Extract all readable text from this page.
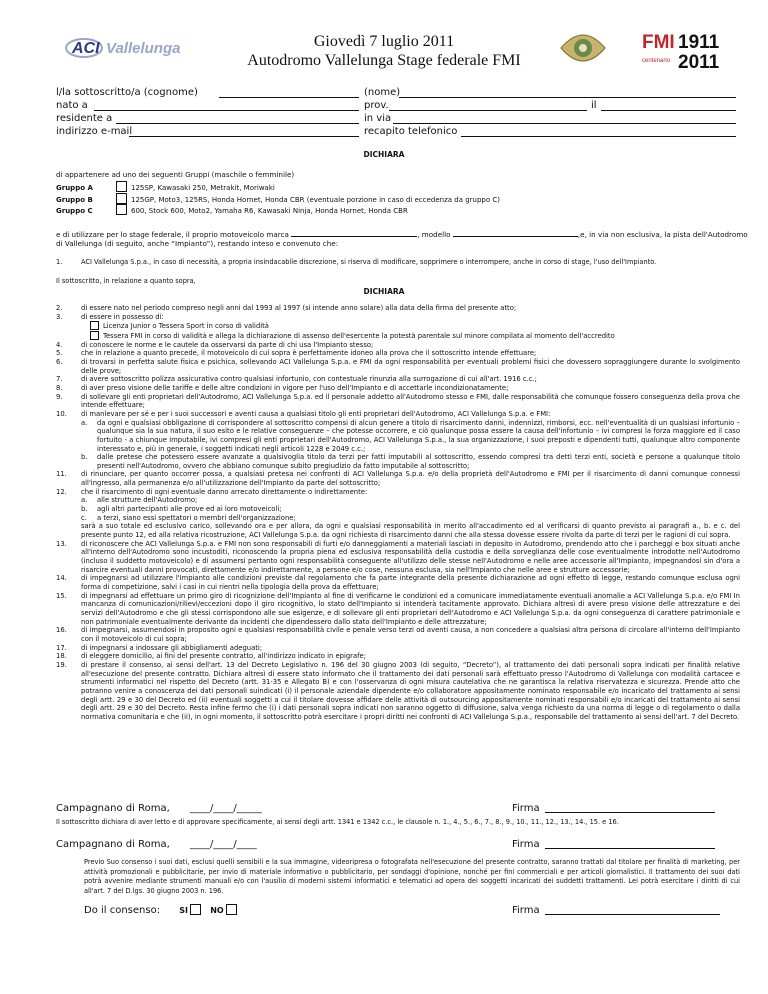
ACI Vallelunga	Giovedì 7 luglio 2011
Autodromo Vallelunga Stage federale FMI
FMI 1911
2011
centenario
l/la sottoscritto/a (cognome)	(nome)
nato a	prov.	il
residente a	in via
indirizzo e-mail	recapito telefonico
DICHIARA
di appartenere ad uno dei seguenti Gruppi (maschile o femminile)
Gruppo A	125SP, Kawasaki 250, Metrakit, Moriwaki
Gruppo B	125GP, Moto3, 125RS, Honda Hornet, Honda CBR (eventuale porzione in caso di eccedenza da gruppo C)
Gruppo C	600, Stock 600, Moto2, Yamaha R6, Kawasaki Ninja, Honda Hornet, Honda CBR
e di utilizzare per lo stage federale, il proprio motoveicolo marca	, modello	,e, in via non esclusiva, la pista dell'Autodromo
di Vallelunga (di seguito, anche “Impianto”), restando inteso e convenuto che:
1.	ACI Vallelunga S.p.a., in caso di necessità, a propria insindacabile discrezione, si riserva di modificare, sopprimere o interrompere, anche in corso di stage, l'uso dell'Impianto.
Il sottoscritto, in relazione a quanto sopra,
DICHIARA
2.	di essere nato nel periodo compreso negli anni dal 1993 al 1997 (si intende anno solare) alla data della firma del presente atto;
3.	di essere in possesso di:
Licenza Junior o Tessera Sport in corso di validità
Tessera FMI in corso di validità e allega la dichiarazione di assenso dell'esercente la potestà parentale sul minore compilata al momento dell'accredito
4.	di conoscere le norme e le cautele da osservarsi da parte di chi usa l'Impianto stesso;
5.	che in relazione a quanto precede, il motoveicolo di cui sopra è perfettamente idoneo alla prova che il sottoscritto intende effettuare;
6.	di trovarsi in perfetta salute fisica e psichica, sollevando ACI Vallelunga S.p.a. e FMI da ogni responsabilità per eventuali problemi fisici che dovessero sopraggiungere durante lo svolgimento delle prove;
7.	di avere sottoscritto polizza assicurativa contro qualsiasi infortunio, con contestuale rinunzia alla surrogazione di cui all'art. 1916 c.c.;
8.	di aver preso visione delle tariffe e delle altre condizioni in vigore per l'uso dell'Impianto e di accettarle incondizionatamente;
9.	di sollevare gli enti proprietari dell'Autodromo, ACI Vallelunga S.p.a. ed il personale addetto all'Autodromo stesso e FMI, dalle responsabilità che comunque fossero conseguenza della prova che intende effettuare;
10. di manlevare per sé e per i suoi successori e aventi causa a qualsiasi titolo gli enti proprietari dell'Autodromo, ACI Vallelunga S.p.a. e FMI:
a. da ogni e qualsiasi obbligazione di corrispondere al sottoscritto compensi di alcun genere a titolo di risarcimento danni, indennizzi, rimborsi, ecc. nell'eventualità di un qualsiasi infortunio – qualunque sia la sua natura, il suo esito e le relative conseguenze – che potesse occorrere, e ciò qualunque possa essere la causa dell'infortunio – ivi compresi la forza maggiore ed il caso fortuito - a chiunque imputabile, ivi compresi gli enti proprietari dell'Autodromo, ACI Vallelunga S.p.a., la sua organizzazione, i suoi preposti e dipendenti tutti, qualunque altro componente interessato e, più in generale, i soggetti indicati negli articoli 1228 e 2049 c.c.;
b. dalle pretese che potessero essere avanzate a qualsivoglia titolo da terzi per fatti imputabili al sottoscritto, essendo compresi tra detti terzi enti, società e persone a qualunque titolo presenti nell'Autodromo, ovvero che abbiano comunque subito pregiudizio da fatto imputabile al sottoscritto;
11. di rinunciare, per quanto occorrer possa, a qualsiasi pretesa nei confronti di ACI Vallelunga S.p.a. e/o della proprietà dell'Autodromo e FMI per il risarcimento di danni comunque connessi all'ingresso, alla permanenza e/o all'utilizzazione dell'Impianto da parte del sottoscritto;
12. che il risarcimento di ogni eventuale danno arrecato direttamente o indirettamente:
a. alle strutture dell'Autodromo;
b. agli altri partecipanti alle prove ed ai loro motoveicoli;
c. a terzi, siano essi spettatori o membri dell'organizzazione;
sarà a suo totale ed esclusivo carico, sollevando ora e per allora, da ogni e qualsiasi responsabilità in merito all'accadimento ed al verificarsi di quanto previsto ai paragrafi a., b. e c. del presente punto 12, ed alla relativa ricostruzione, ACI Vallelunga S.p.a. da ogni richiesta di risarcimento danni che alla stessa dovesse essere rivolta da parte di terzi per le ragioni di cui sopra.
13. di riconoscere che ACI Vallelunga S.p.a. e FMI non sono responsabili di furti e/o danneggiamenti a materiali lasciati in deposito in Autodromo, prendendo atto che i parcheggi e box situati anche all'interno dell'Autodromo sono incustoditi, riconoscendo la propria piena ed esclusiva responsabilità della custodia e della sorveglianza delle cose eventualmente introdotte nell'Autodromo (incluso il suddetto motoveicolo) e di assumersi pertanto ogni responsabilità conseguente all'utilizzo delle stesse nell'Autodromo e nelle aree accessorie all'Impianto, impegnandosi sin d'ora a risarcire eventuali danni provocati, direttamente e/o indirettamente, a persone e/o cose, nessuna esclusa, sia nell'Impianto che nelle aree e strutture accessorie;
14. di impegnarsi ad utilizzare l'Impianto alle condizioni previste dal regolamento che fa parte integrante della presente dichiarazione ad ogni effetto di legge, restando comunque esclusa ogni forma di competizione, salvi i casi in cui rientri nella tipologia della prova da effettuare;
15. di impegnarsi ad effettuare un primo giro di ricognizione dell'Impianto al fine di verificarne le condizioni ed a comunicare immediatamente eventuali anomalie a ACI Vallelunga S.p.a. e/o FMI In mancanza di comunicazioni/rilievi/eccezioni dopo il giro ricognitivo, lo stato dell'Impianto si intenderà tacitamente approvato. Dichiara altresì di avere preso visione delle attrezzature e dei servizi dell'Autodromo e che gli stessi corrispondono alle sue esigenze, e di sollevare gli enti proprietari dell'Autodromo e ACI Vallelunga S.p.a. da ogni conseguenza di carattere patrimoniale e non patrimoniale eventualmente derivante da incidenti che dipendessero dallo stato dell'Impianto e delle attrezzature;
16. di impegnarsi, assumendosi in proposito ogni e qualsiasi responsabilità civile e penale verso terzi od aventi causa, a non concedere a qualsiasi altra persona di circolare all'interno dell'Impianto con il motoveicolo di cui sopra;
17. di impegnarsi a indossare gli abbigliamenti adeguati;
18. di eleggere domicilio, ai fini del presente contratto, all'indirizzo indicato in epigrafe;
19. di prestare il consenso, ai sensi dell'art. 13 del Decreto Legislativo n. 196 del 30 giugno 2003 (di seguito, “Decreto”), al trattamento dei dati personali sopra indicati per finalità relative all'esecuzione del presente contratto. Dichiara altresì di essere stato informato che il trattamento dei dati personali sarà effettuato presso l'Autodromo di Vallelunga con modalità cartacee e strumenti informatici nel rispetto del Decreto (artt. 31-35 e Allegato B) e con l'osservanza di ogni misura cautelativa che ne garantisca la relativa riservatezza e sicurezza. Prende atto che potranno venire a conoscenza dei dati personali suindicati (i) il personale aziendale dipendente e/o collaboratore appositamente nominato responsabile e/o incaricato del trattamento ai sensi degli artt. 29 e 30 del Decreto ed (ii) eventuali soggetti a cui il titolare dovesse affidare delle attività di outsourcing appositamente nominati responsabili e/o incaricati del trattamento ai sensi degli artt. 29 e 30 del Decreto. Resta infine fermo che (i) i dati personali sopra indicati non saranno oggetto di diffusione, salva venga richiesto da una norma di legge o di regolamento o dalla normativa comunitaria e che (ii), in ogni momento, il sottoscritto potrà esercitare i propri diritti nei confronti di ACI Vallelunga S.p.a., responsabile del trattamento ai sensi dell'art. 7 del Decreto.
Campagnano di Roma, ____/____/_____	Firma
Il sottoscritto dichiara di aver letto e di approvare specificamente, ai sensi degli artt. 1341 e 1342 c.c., le clausole n. 1., 4., 5., 6., 7., 8., 9., 10., 11., 12., 13., 14., 15. e 16.
Campagnano di Roma, ____/____/____	Firma
Previo Suo consenso i suoi dati, esclusi quelli sensibili e la sua immagine, videoripresa o fotografata nell'esecuzione del presente contratto, saranno trattati dal titolare per finalità di marketing, per attività promozionali e pubblicitarie, per invio di materiale informativo o pubblicitario, per sondaggi d'opinione, nonché per fini commerciali e per articoli giornalistici. Il trattamento dei suoi dati potrà avvenire mediante strumenti manuali e/o con l'ausilio di moderni sistemi informatici e telematici ad opera dei soggetti incaricati dei suddetti trattamenti. Lei potrà esercitare i diritti di cui all'art. 7 del D.lgs. 30 giugno 2003 n. 196.
Do il consenso: SI	NO	Firma
